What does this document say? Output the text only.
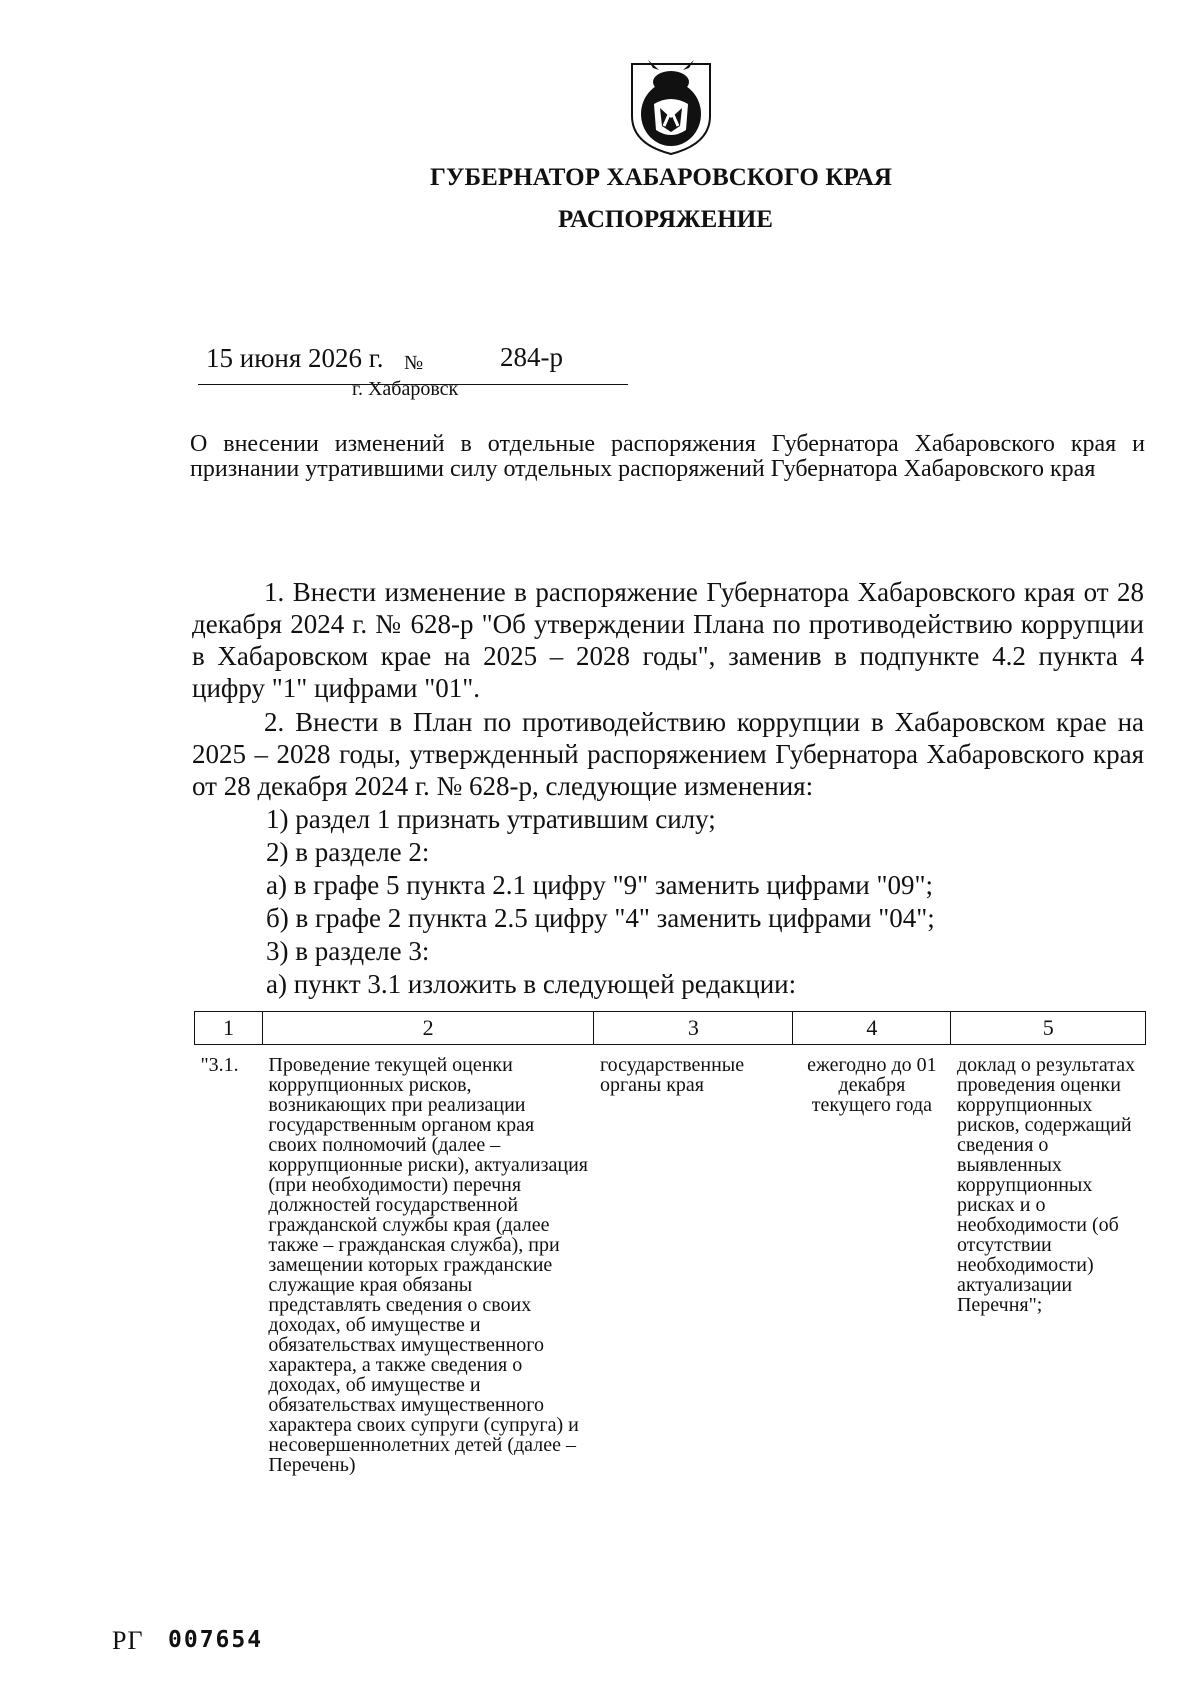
ГУБЕРНАТОР ХАБАРОВСКОГО КРАЯ
РАСПОРЯЖЕНИЕ
15 июня 2026 г. №	284-р
г. Хабаровск

О внесении изменений в отдельные распоряжения Губернатора Хабаровского края и признании утратившими силу отдельных распоряжений Губернатора Хабаровского края

1. Внести изменение в распоряжение Губернатора Хабаровского края от 28 декабря 2024 г. № 628-р "Об утверждении Плана по противодействию коррупции в Хабаровском крае на 2025 – 2028 годы", заменив в подпункте 4.2 пункта 4 цифру "1" цифрами "01".
2. Внести в План по противодействию коррупции в Хабаровском крае на 2025 – 2028 годы, утвержденный распоряжением Губернатора Хабаровского края от 28 декабря 2024 г. № 628-р, следующие изменения:
1) раздел 1 признать утратившим силу;
2) в разделе 2:
а) в графе 5 пункта 2.1 цифру "9" заменить цифрами "09";
б) в графе 2 пункта 2.5 цифру "4" заменить цифрами "04";
3) в разделе 3:
а) пункт 3.1 изложить в следующей редакции:
1	2	3	4	5
"3.1.	Проведение текущей оценки коррупционных рисков, возникающих при реализации государственным органом края своих полномочий (далее – коррупционные риски), актуализация (при необходимости) перечня должностей государственной гражданской службы края (далее также – гражданская служба), при замещении которых гражданские служащие края обязаны представлять сведения о своих доходах, об имуществе и обязательствах имущественного характера, а также сведения о доходах, об имуществе и обязательствах имущественного характера своих супруги (супруга) и несовершеннолетних детей (далее – Перечень)	государственные органы края	ежегодно до 01 декабря текущего года	доклад о результатах проведения оценки коррупционных рисков, содержащий сведения о выявленных коррупционных рисках и о необходимости (об отсутствии необходимости) актуализации Перечня";
РГ 007654
